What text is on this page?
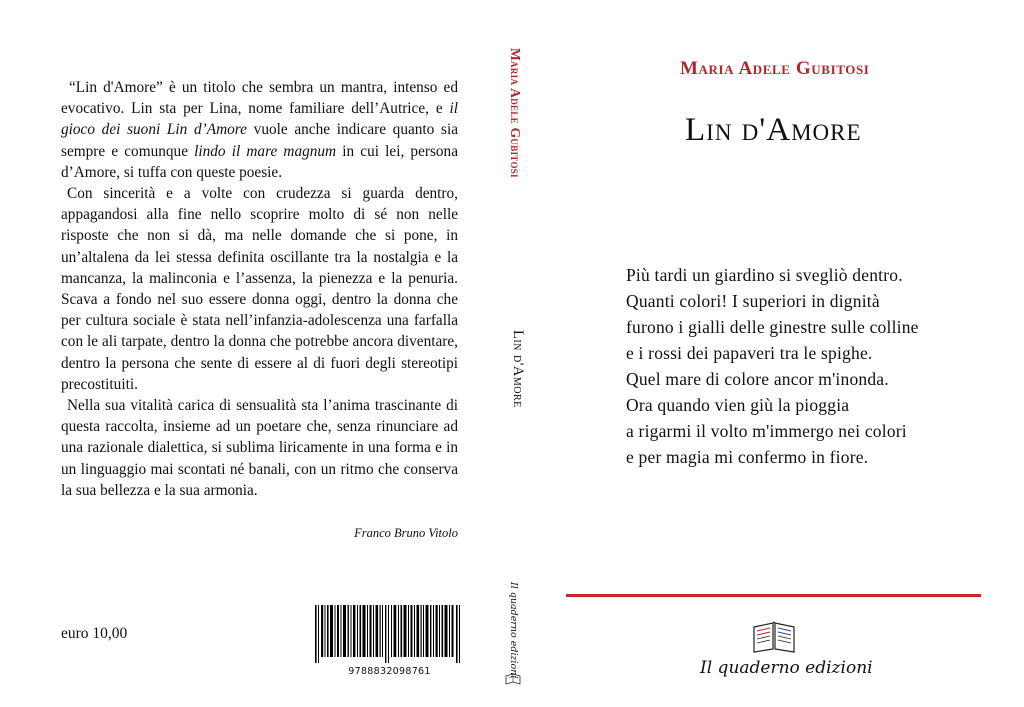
“Lin d'Amore” è un titolo che sembra un mantra, intenso ed evocativo. Lin sta per Lina, nome familiare dell’Autrice, e il gioco dei suoni Lin d’Amore vuole anche indicare quanto sia sempre e comunque lindo il mare magnum in cui lei, persona d’Amore, si tuffa con queste poesie.

Con sincerità e a volte con crudezza si guarda dentro, appagandosi alla fine nello scoprire molto di sé non nelle risposte che non si dà, ma nelle domande che si pone, in un’altalena da lei stessa definita oscillante tra la nostalgia e la mancanza, la malinconia e l’assenza, la pienezza e la penuria. Scava a fondo nel suo essere donna oggi, dentro la donna che per cultura sociale è stata nell’infanzia-adolescenza una farfalla con le ali tarpate, dentro la donna che potrebbe ancora diventare, dentro la persona che sente di essere al di fuori degli stereotipi precostituiti.

Nella sua vitalità carica di sensualità sta l’anima trascinante di questa raccolta, insieme ad un poetare che, senza rinunciare ad una razionale dialettica, si sublima liricamente in una forma e in un linguaggio mai scontati né banali, con un ritmo che conserva la sua bellezza e la sua armonia.

Franco Bruno Vitolo

euro 10,00
9788832098761
Maria Adele Gubitosi
Lin d'Amore
Il quaderno edizioni
Maria Adele Gubitosi
Lin d'Amore
Più tardi un giardino si svegliò dentro.
Quanti colori! I superiori in dignità
furono i gialli delle ginestre sulle colline
e i rossi dei papaveri tra le spighe.
Quel mare di colore ancor m'inonda.
Ora quando vien giù la pioggia
a rigarmi il volto m'immergo nei colori
e per magia mi confermo in fiore.
Il quaderno edizioni
